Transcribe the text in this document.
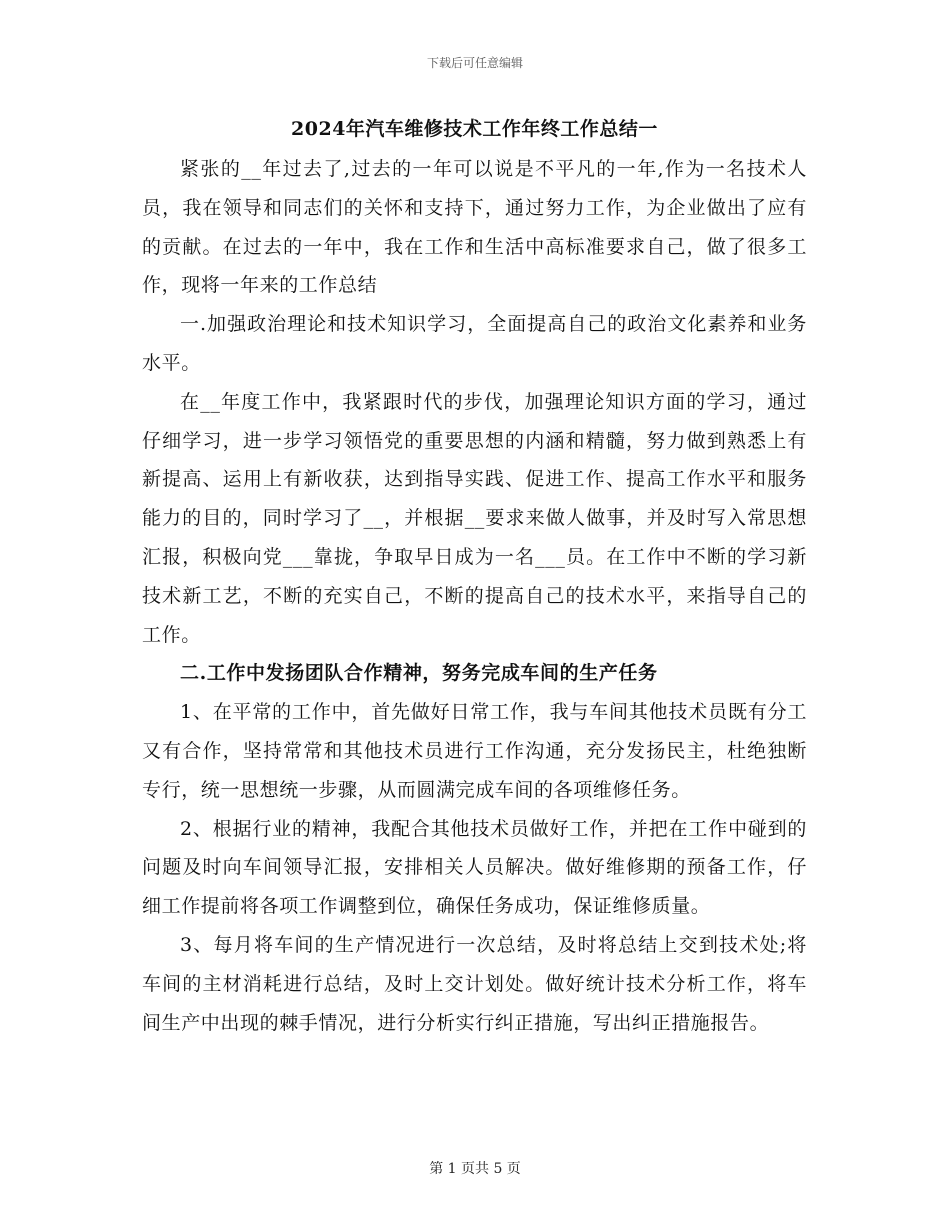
下载后可任意编辑
2024年汽车维修技术工作年终工作总结一

紧张的__年过去了,过去的一年可以说是不平凡的一年,作为一名技术人员，我在领导和同志们的关怀和支持下，通过努力工作，为企业做出了应有的贡献。在过去的一年中，我在工作和生活中高标准要求自己，做了很多工作，现将一年来的工作总结

一.加强政治理论和技术知识学习，全面提高自己的政治文化素养和业务水平。

在__年度工作中，我紧跟时代的步伐，加强理论知识方面的学习，通过仔细学习，进一步学习领悟党的重要思想的内涵和精髓，努力做到熟悉上有新提高、运用上有新收获，达到指导实践、促进工作、提高工作水平和服务能力的目的，同时学习了__，并根据__要求来做人做事，并及时写入常思想汇报，积极向党___靠拢，争取早日成为一名___员。在工作中不断的学习新技术新工艺，不断的充实自己，不断的提高自己的技术水平，来指导自己的工作。

二.工作中发扬团队合作精神，努务完成车间的生产任务

1、在平常的工作中，首先做好日常工作，我与车间其他技术员既有分工又有合作，坚持常常和其他技术员进行工作沟通，充分发扬民主，杜绝独断专行，统一思想统一步骤，从而圆满完成车间的各项维修任务。

2、根据行业的精神，我配合其他技术员做好工作，并把在工作中碰到的问题及时向车间领导汇报，安排相关人员解决。做好维修期的预备工作，仔细工作提前将各项工作调整到位，确保任务成功，保证维修质量。

3、每月将车间的生产情况进行一次总结，及时将总结上交到技术处;将车间的主材消耗进行总结，及时上交计划处。做好统计技术分析工作，将车间生产中出现的棘手情况，进行分析实行纠正措施，写出纠正措施报告。

第 1 页共 5 页
